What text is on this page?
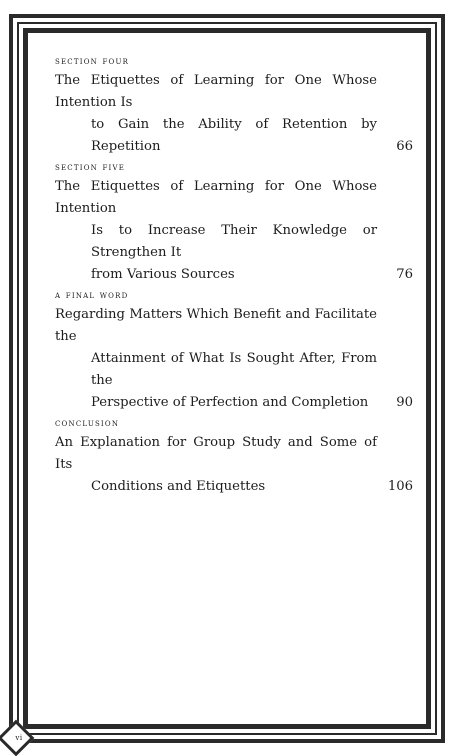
section four

The Etiquettes of Learning for One Whose Intention Is
to Gain the Ability of Retention by Repetition	66

section five

The Etiquettes of Learning for One Whose Intention
Is to Increase Their Knowledge or Strengthen It
from Various Sources	76

a final word

Regarding Matters Which Benefit and Facilitate the
Attainment of What Is Sought After, From the
Perspective of Perfection and Completion	90

conclusion

An Explanation for Group Study and Some of Its
Conditions and Etiquettes	106
vi
